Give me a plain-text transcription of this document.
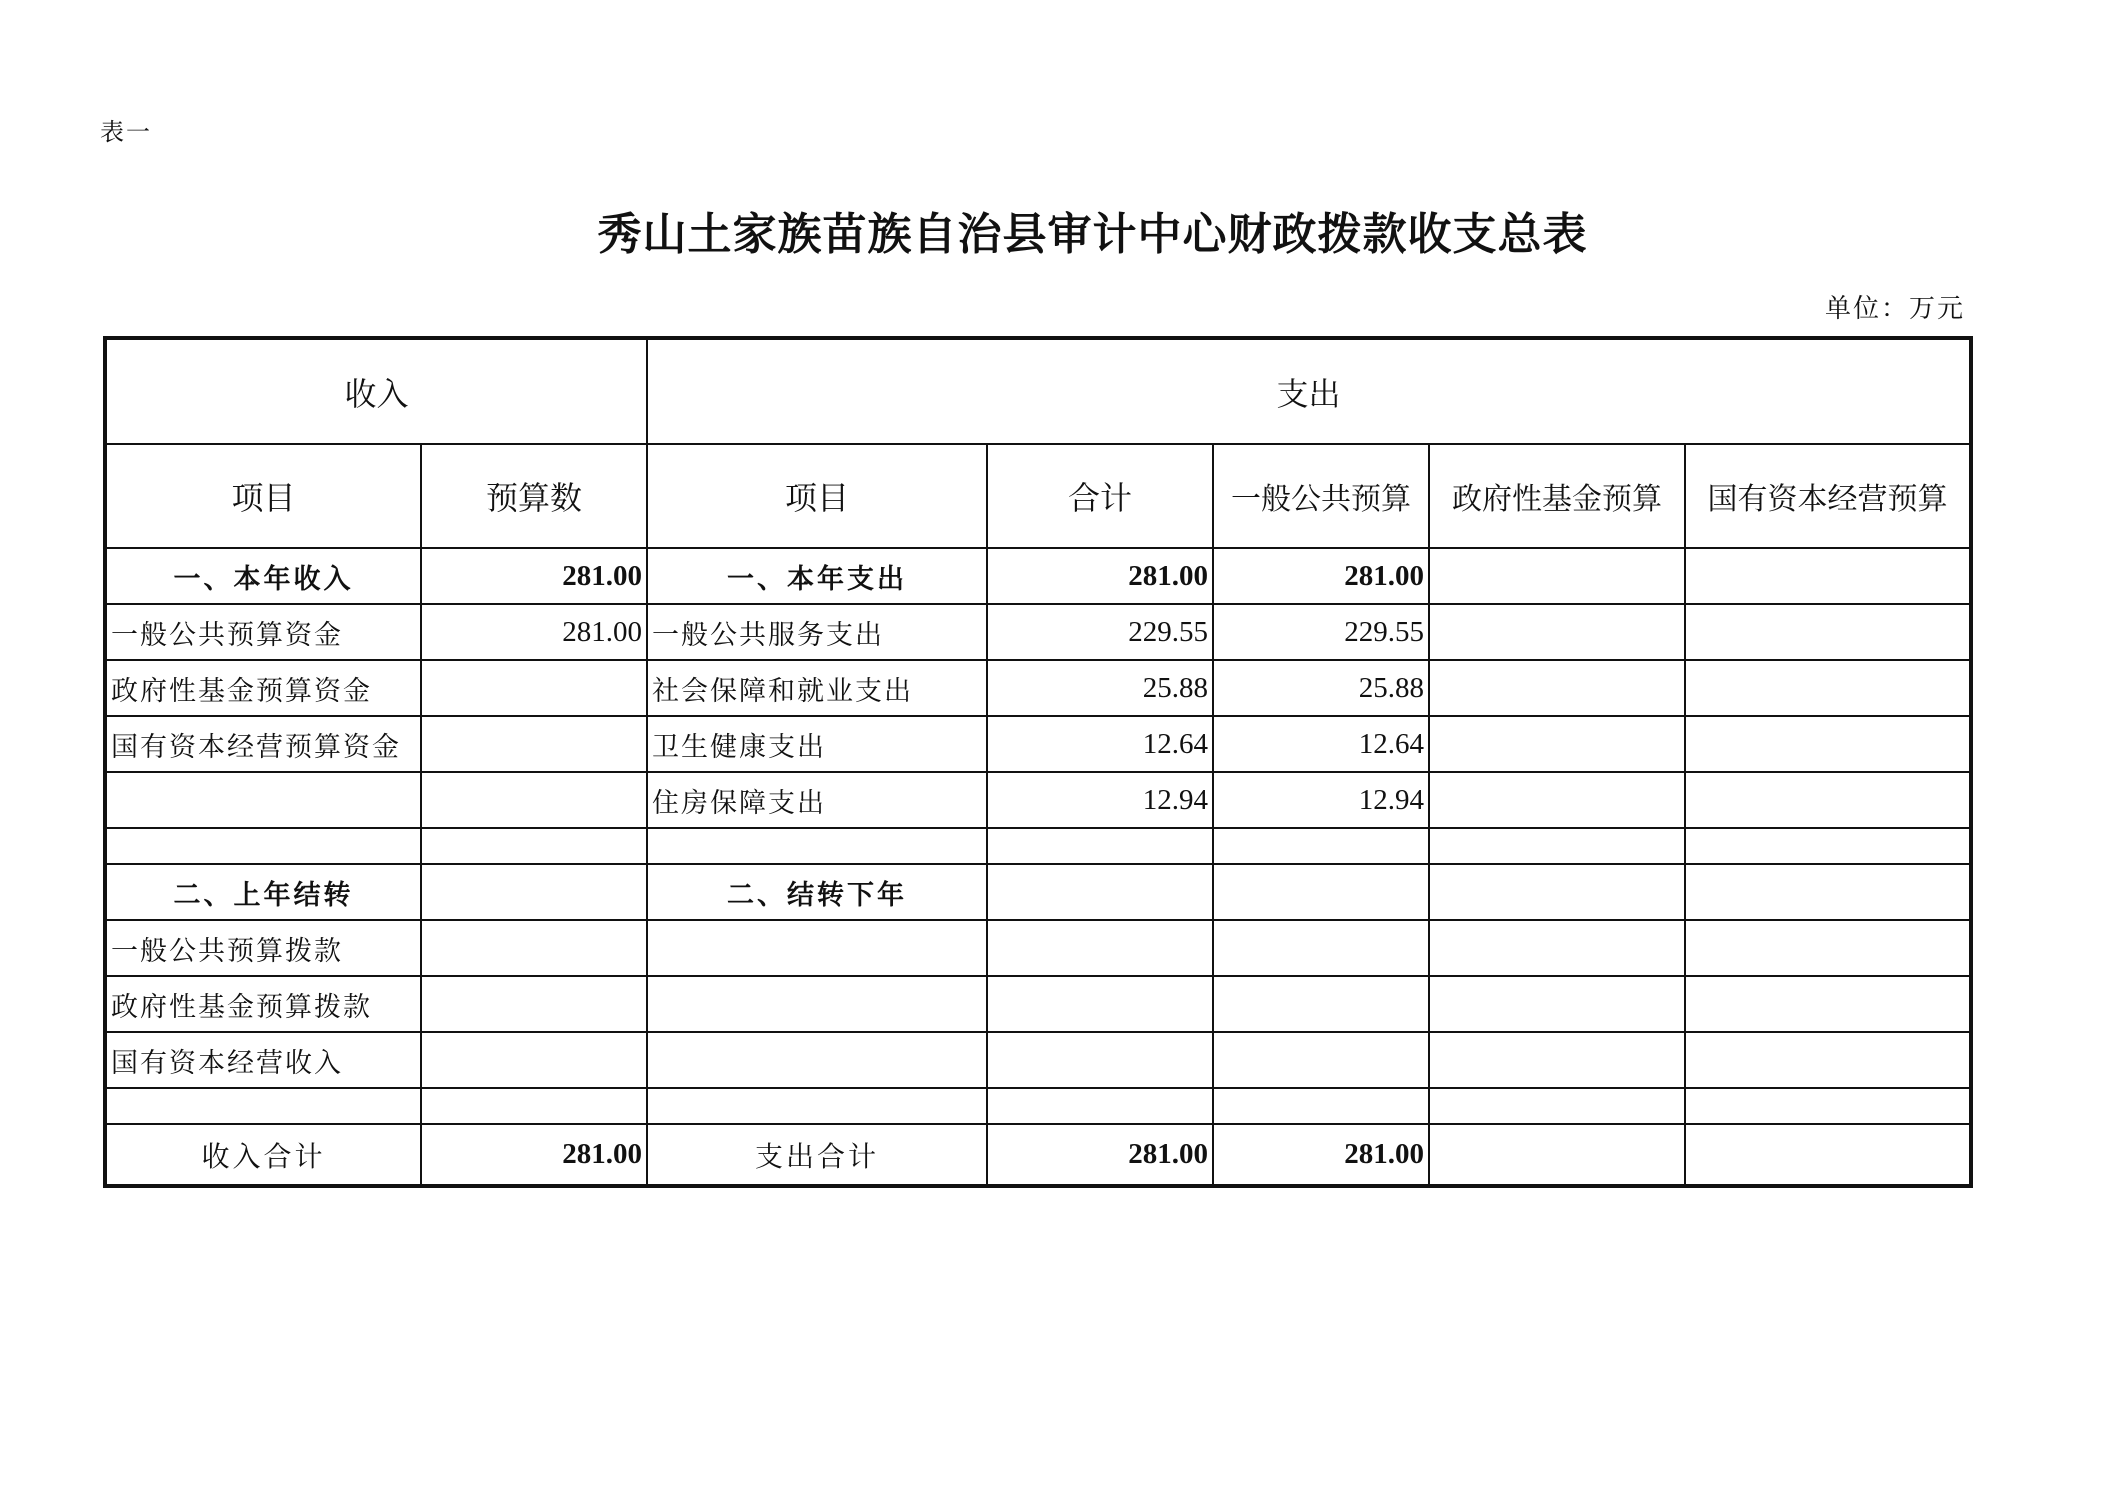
表一
秀山土家族苗族自治县审计中心财政拨款收支总表
单位：万元
收入		支出				
项目	预算数	项目	合计	一般公共预算	政府性基金预算	国有资本经营预算
一、本年收入	281.00	一、本年支出	281.00	281.00		
一般公共预算资金	281.00	一般公共服务支出	229.55	229.55		
政府性基金预算资金		社会保障和就业支出	25.88	25.88		
国有资本经营预算资金		卫生健康支出	12.64	12.64		
		住房保障支出	12.94	12.94		

二、上年结转		二、结转下年				
一般公共预算拨款						
政府性基金预算拨款						
国有资本经营收入						

收入合计	281.00	支出合计	281.00	281.00		
